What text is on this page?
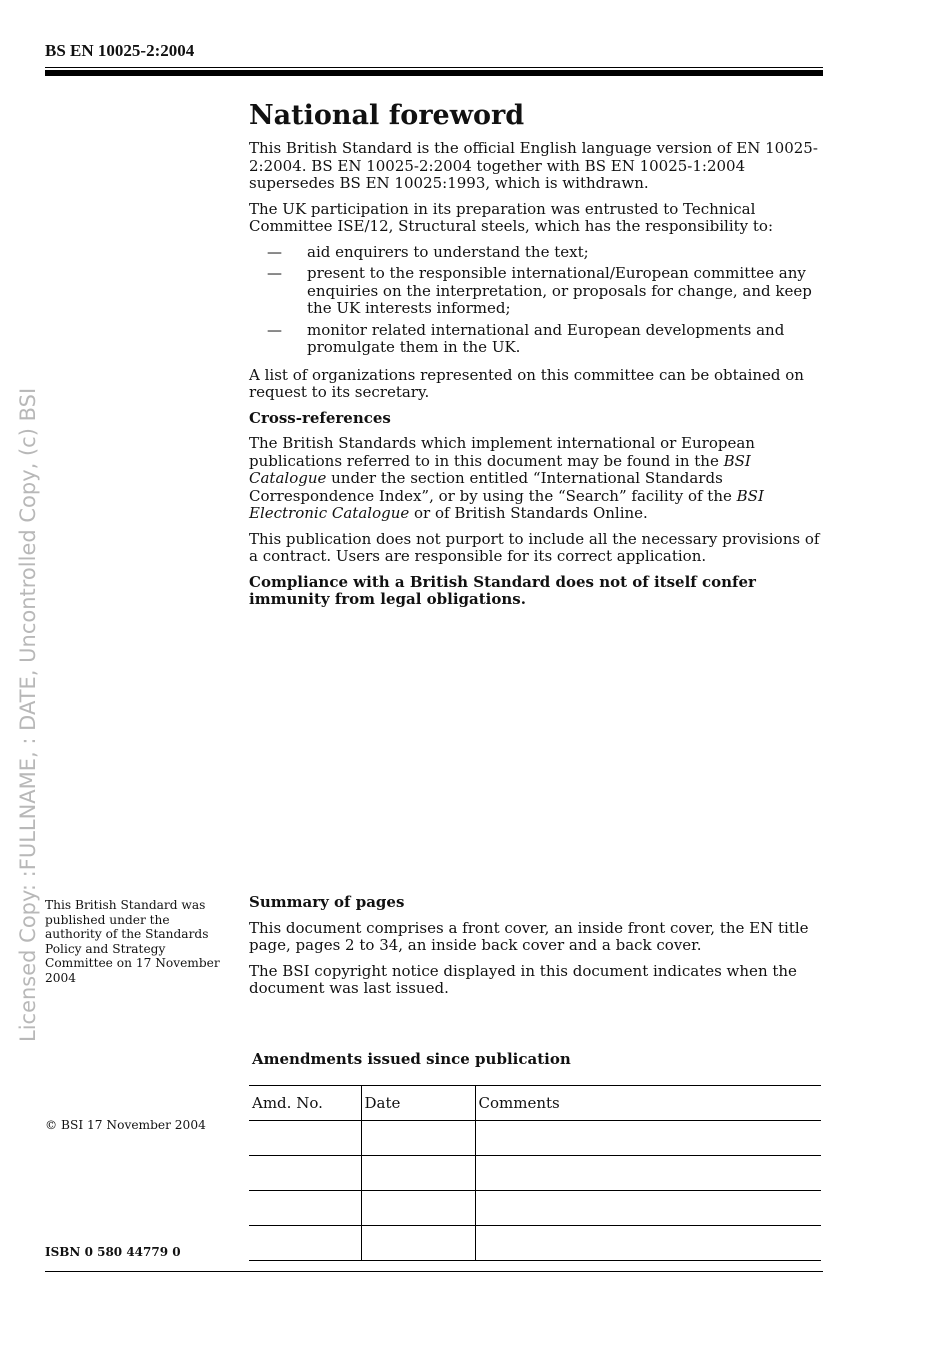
BS EN 10025-2:2004
Licensed Copy: :FULLNAME, : DATE, Uncontrolled Copy, (c) BSI
National foreword

This British Standard is the official English language version of EN 10025-2:2004. BS EN 10025-2:2004 together with BS EN 10025-1:2004 supersedes BS EN 10025:1993, which is withdrawn.

The UK participation in its preparation was entrusted to Technical Committee ISE/12, Structural steels, which has the responsibility to:

— aid enquirers to understand the text;
— present to the responsible international/European committee any enquiries on the interpretation, or proposals for change, and keep the UK interests informed;
— monitor related international and European developments and promulgate them in the UK.

A list of organizations represented on this committee can be obtained on request to its secretary.

Cross-references

The British Standards which implement international or European publications referred to in this document may be found in the BSI Catalogue under the section entitled “International Standards Correspondence Index”, or by using the “Search” facility of the BSI Electronic Catalogue or of British Standards Online.

This publication does not purport to include all the necessary provisions of a contract. Users are responsible for its correct application.

Compliance with a British Standard does not of itself confer immunity from legal obligations.

This British Standard was published under the authority of the Standards Policy and Strategy Committee on 17 November 2004
© BSI 17 November 2004
ISBN 0 580 44779 0

Summary of pages

This document comprises a front cover, an inside front cover, the EN title page, pages 2 to 34, an inside back cover and a back cover.

The BSI copyright notice displayed in this document indicates when the document was last issued.

Amendments issued since publication
Amd. No.	Date	Comments
